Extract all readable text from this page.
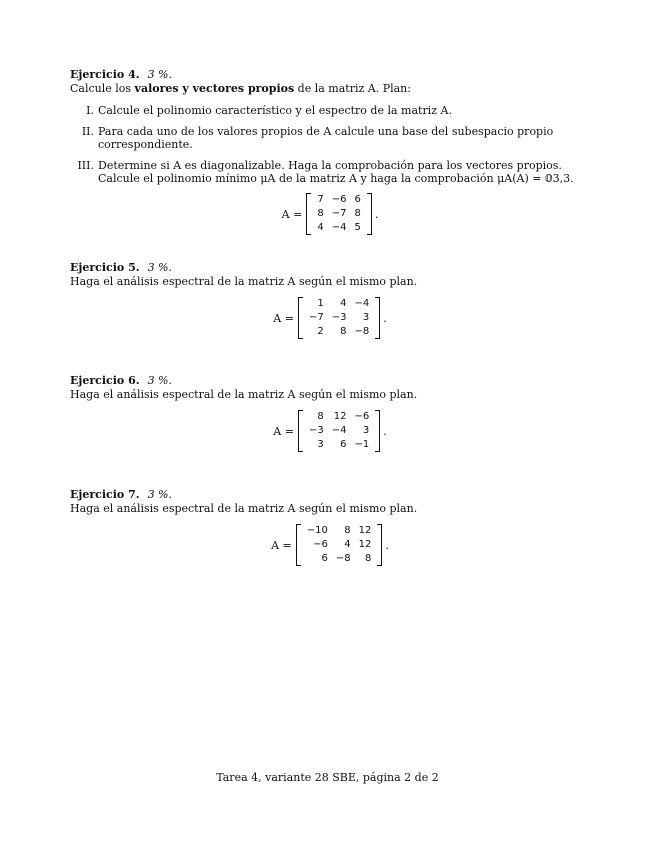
Ejercicio 4. 3 %.
Calcule los valores y vectores propios de la matriz A. Plan:
I. Calcule el polinomio característico y el espectro de la matriz A.
II. Para cada uno de los valores propios de A calcule una base del subespacio propio correspondiente.
III. Determine si A es diagonalizable. Haga la comprobación para los vectores propios. Calcule el polinomio mínimo μA de la matriz A y haga la comprobación μA(A) = 𝟘3,3.
A =
7	−6	6
8	−7	8
4	−4	5
.
Ejercicio 5. 3 %.
Haga el análisis espectral de la matriz A según el mismo plan.
A =
1	4	−4
−7	−3	3
2	8	−8
.
Ejercicio 6. 3 %.
Haga el análisis espectral de la matriz A según el mismo plan.
A =
8	12	−6
−3	−4	3
3	6	−1
.
Ejercicio 7. 3 %.
Haga el análisis espectral de la matriz A según el mismo plan.
A =
−10	8	12
−6	4	12
6	−8	8
.
Tarea 4, variante 28 SBE, página 2 de 2
